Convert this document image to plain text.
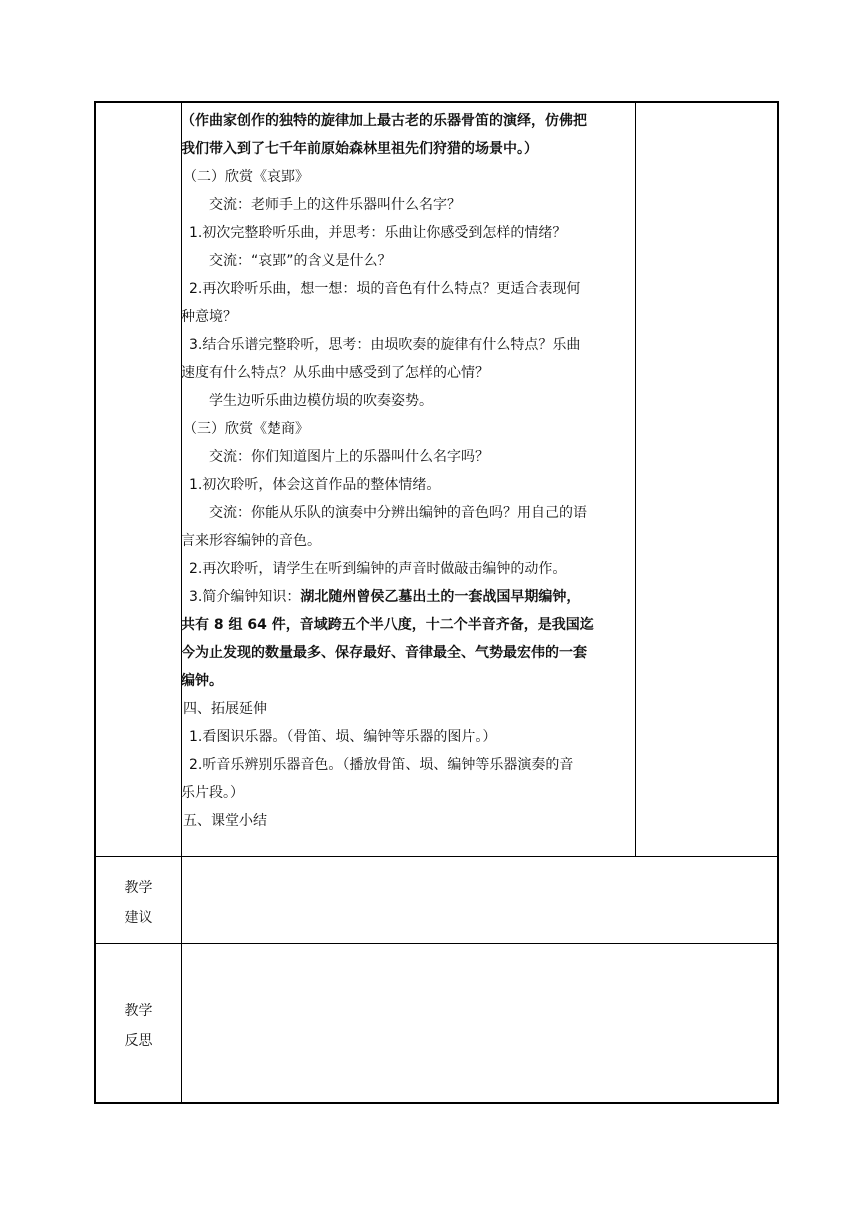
（作曲家创作的独特的旋律加上最古老的乐器骨笛的演绎，仿佛把

我们带入到了七千年前原始森林里祖先们狩猎的场景中。）

（二）欣赏《哀郢》

交流：老师手上的这件乐器叫什么名字？

1.初次完整聆听乐曲，并思考：乐曲让你感受到怎样的情绪？

交流：“哀郢”的含义是什么？

2.再次聆听乐曲，想一想：埙的音色有什么特点？更适合表现何

种意境？

3.结合乐谱完整聆听，思考：由埙吹奏的旋律有什么特点？乐曲

速度有什么特点？从乐曲中感受到了怎样的心情？

学生边听乐曲边模仿埙的吹奏姿势。

（三）欣赏《楚商》

交流：你们知道图片上的乐器叫什么名字吗？

1.初次聆听，体会这首作品的整体情绪。

交流：你能从乐队的演奏中分辨出编钟的音色吗？用自己的语

言来形容编钟的音色。

2.再次聆听，请学生在听到编钟的声音时做敲击编钟的动作。

3.简介编钟知识：湖北随州曾侯乙墓出土的一套战国早期编钟，

共有 8 组 64 件，音域跨五个半八度，十二个半音齐备，是我国迄

今为止发现的数量最多、保存最好、音律最全、气势最宏伟的一套

编钟。

四、拓展延伸

1.看图识乐器。（骨笛、埙、编钟等乐器的图片。）

2.听音乐辨别乐器音色。（播放骨笛、埙、编钟等乐器演奏的音

乐片段。）

五、课堂小结

教学
建议
教学
反思
